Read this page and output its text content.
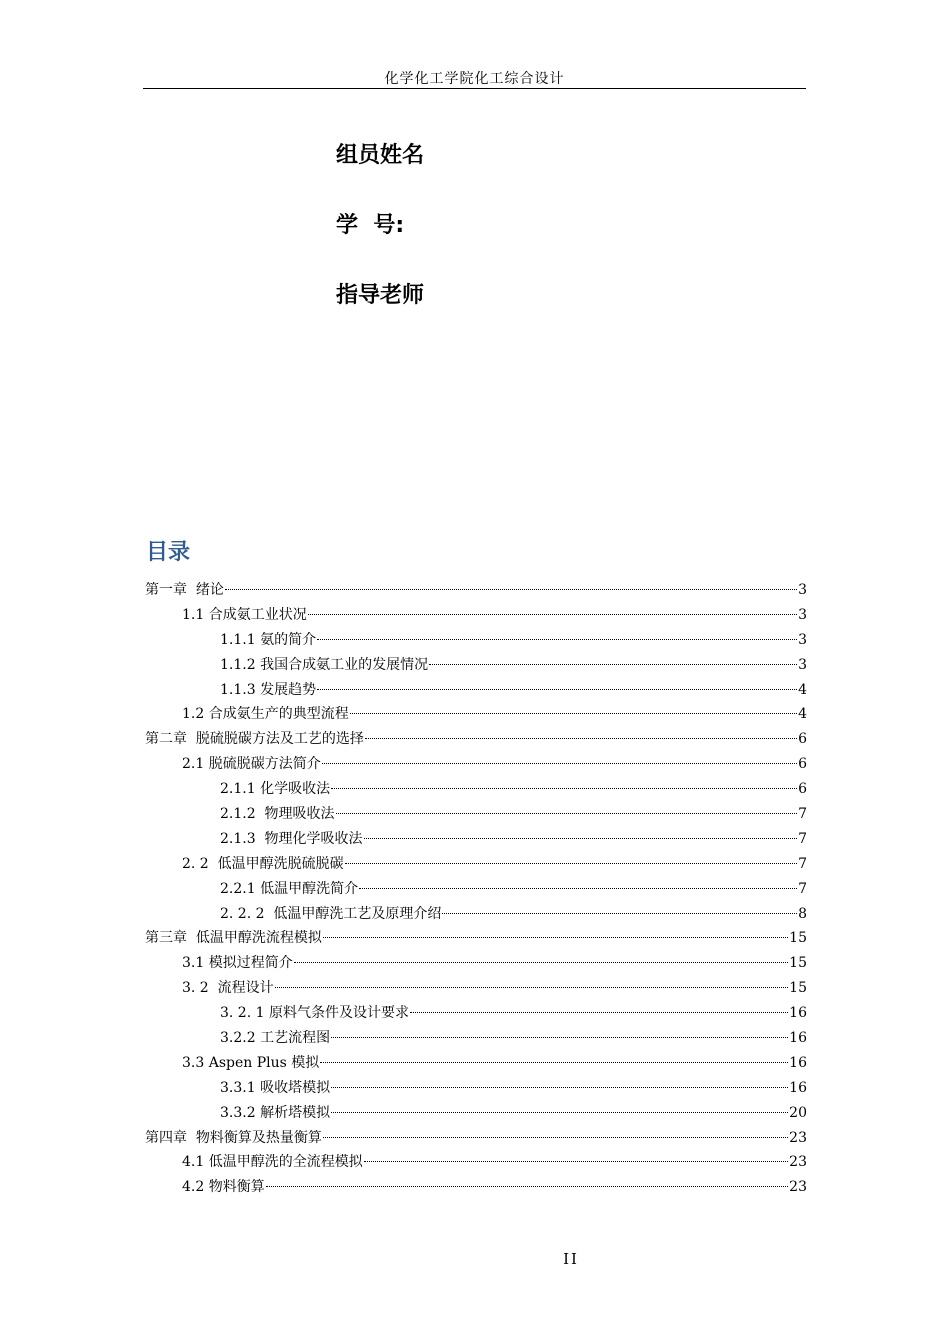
化学化工学院化工综合设计
组员姓名
学  号:
指导老师
目录
第一章  绪论	3
1.1 合成氨工业状况	3
1.1.1 氨的简介	3
1.1.2 我国合成氨工业的发展情况	3
1.1.3 发展趋势	4
1.2 合成氨生产的典型流程	4
第二章  脱硫脱碳方法及工艺的选择	6
2.1 脱硫脱碳方法简介	6
2.1.1 化学吸收法	6
2.1.2  物理吸收法	7
2.1.3  物理化学吸收法	7
2. 2  低温甲醇洗脱硫脱碳	7
2.2.1 低温甲醇洗简介	7
2. 2. 2  低温甲醇洗工艺及原理介绍	8
第三章  低温甲醇洗流程模拟	15
3.1 模拟过程简介	15
3. 2  流程设计	15
3. 2. 1 原料气条件及设计要求	16
3.2.2 工艺流程图	16
3.3 Aspen Plus 模拟	16
3.3.1 吸收塔模拟	16
3.3.2 解析塔模拟	20
第四章  物料衡算及热量衡算	23
4.1 低温甲醇洗的全流程模拟	23
4.2 物料衡算	23
II
